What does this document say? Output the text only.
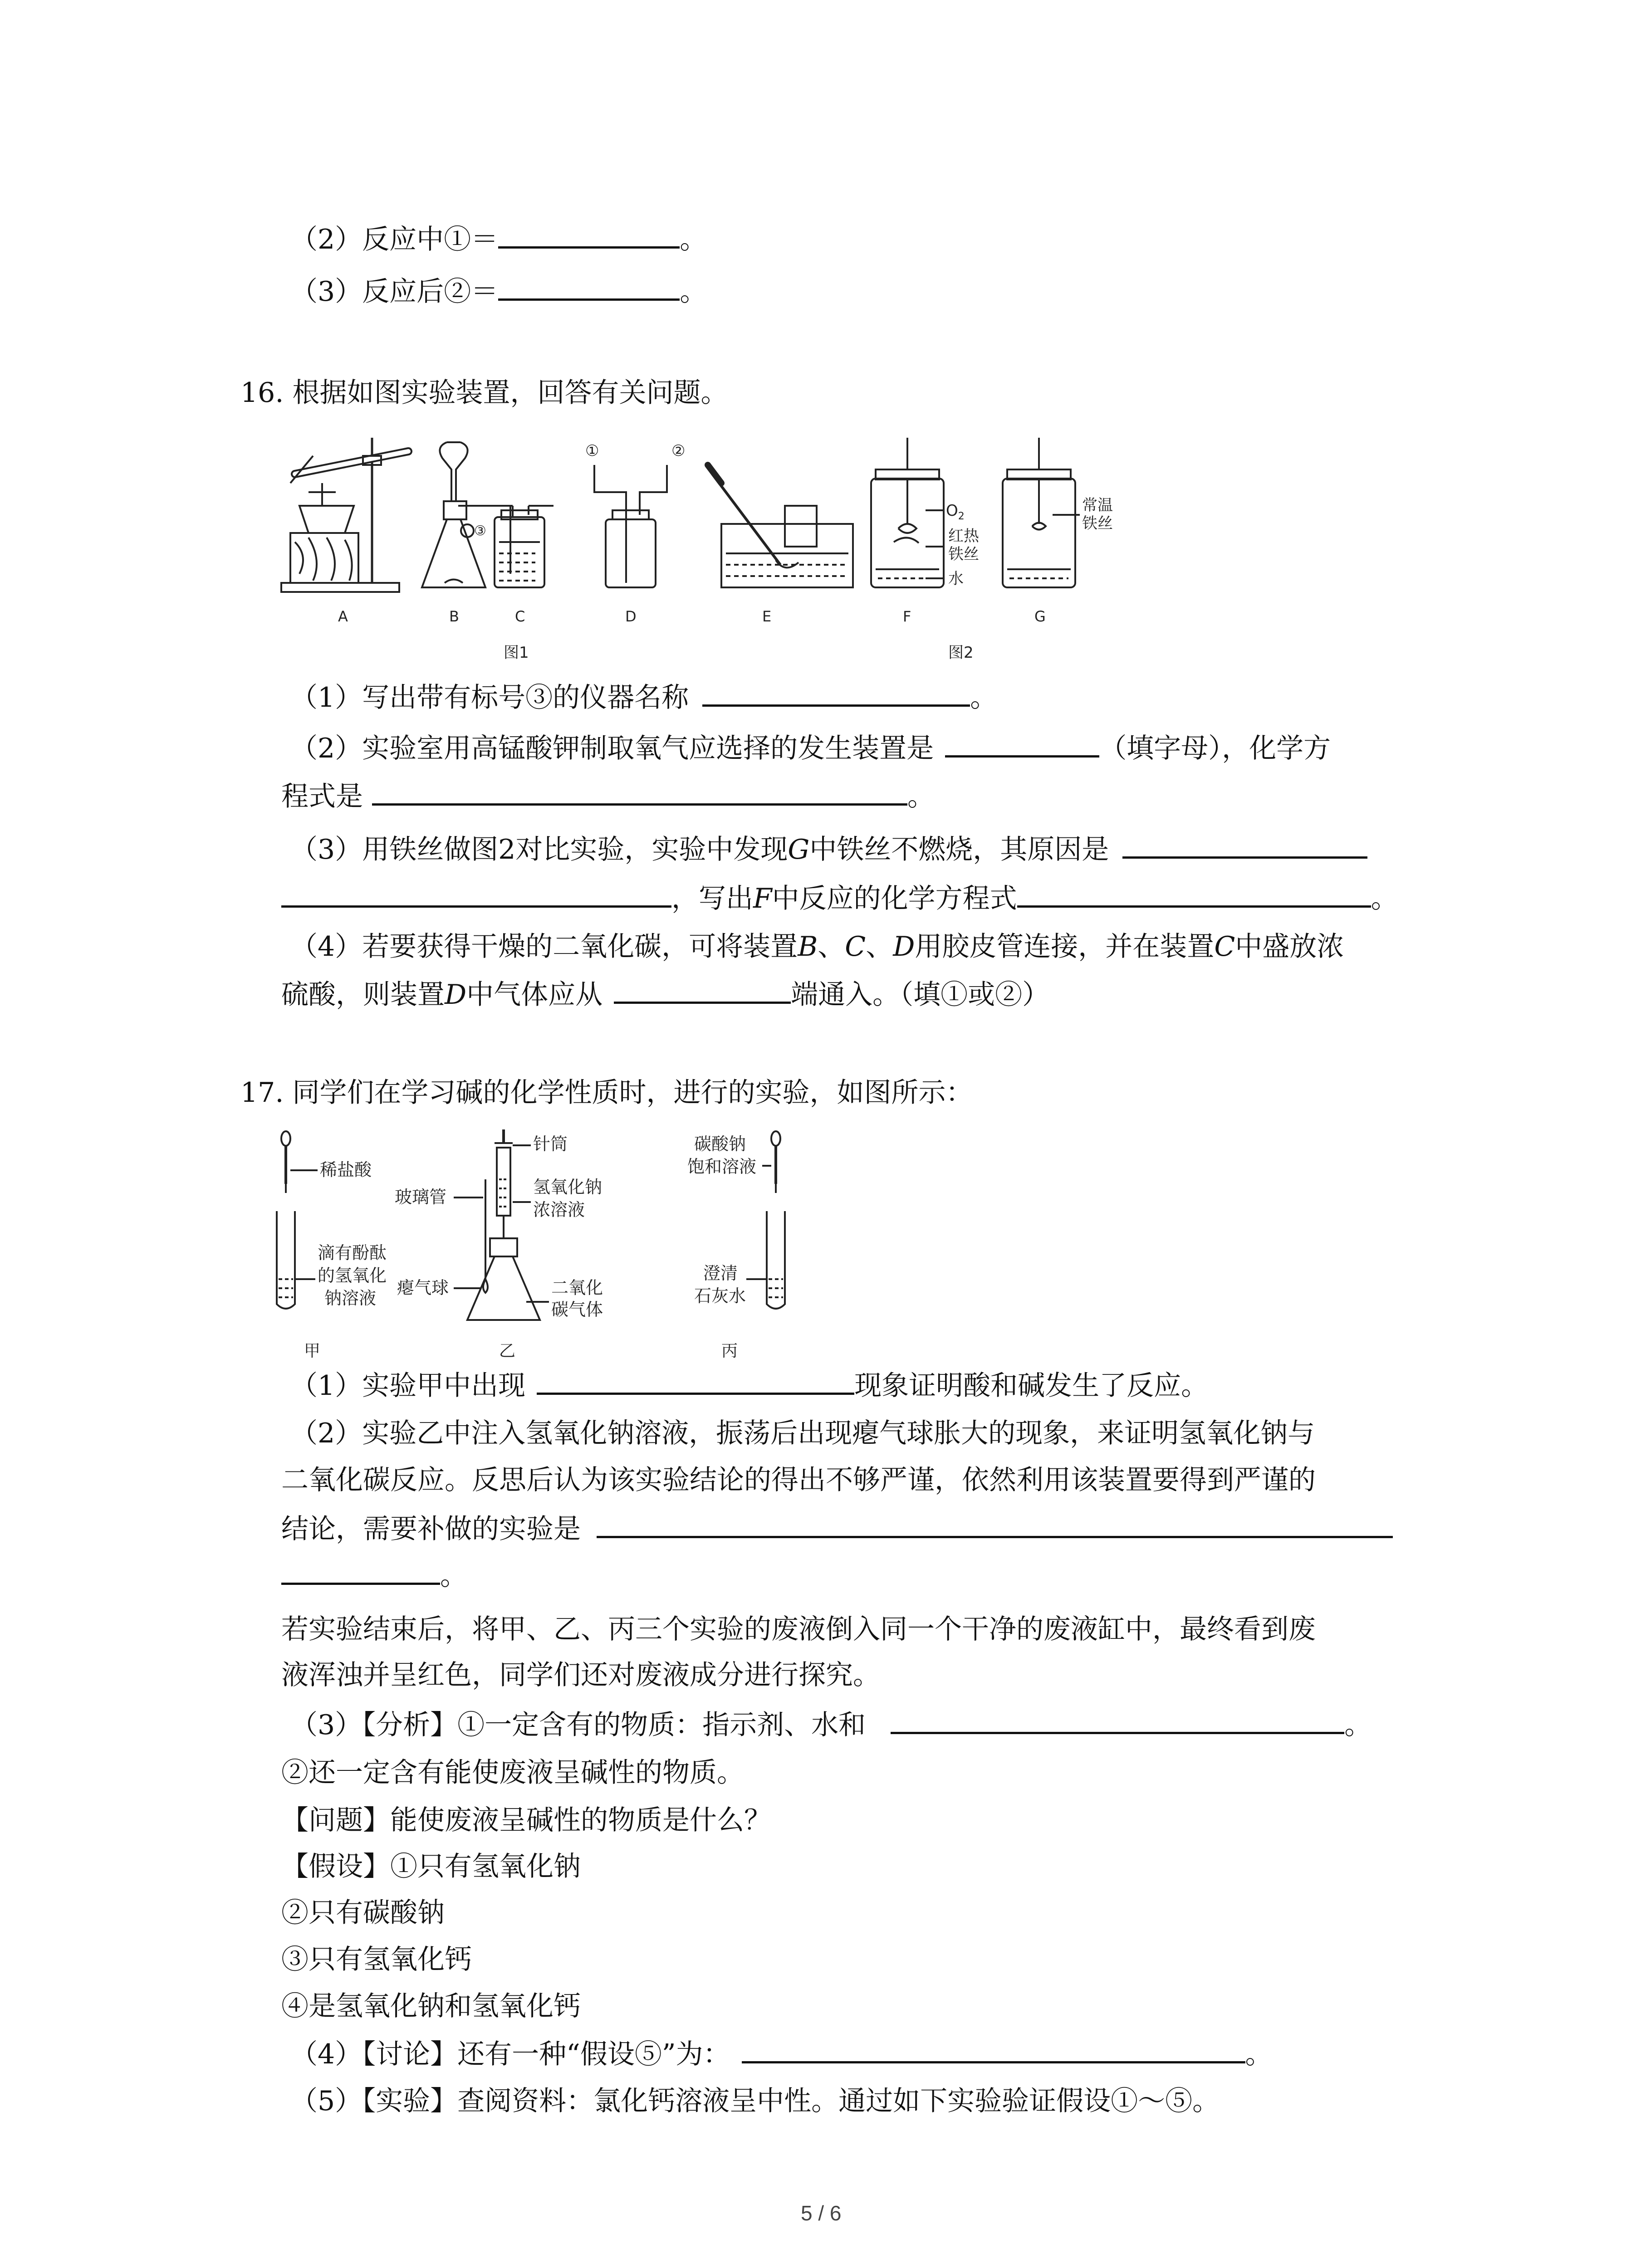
（2）反应中①＝	。
（3）反应后②＝	。
16. 根据如图实验装置，回答有关问题。
③
①	②
$O_2$
红热
铁丝
水
常温
铁丝
A	B	C	D	E	F	G
图1	图2
（1）写出带有标号③的仪器名称	。
（2）实验室用高锰酸钾制取氧气应选择的发生装置是	（填字母），化学方
程式是	。
（3）用铁丝做图2对比实验，实验中发现G中铁丝不燃烧，其原因是
，写出F中反应的化学方程式	。
（4）若要获得干燥的二氧化碳，可将装置B、C、D用胶皮管连接，并在装置C中盛放浓
硫酸，则装置D中气体应从	端通入。（填①或②）
17. 同学们在学习碱的化学性质时，进行的实验，如图所示：
稀盐酸
滴有酚酞
的氢氧化
钠溶液
甲
针筒
氢氧化钠
浓溶液
玻璃管
瘪气球	二氧化
碳气体
乙
碳酸钠
饱和溶液
澄清
石灰水
丙
（1）实验甲中出现	现象证明酸和碱发生了反应。
（2）实验乙中注入氢氧化钠溶液，振荡后出现瘪气球胀大的现象，来证明氢氧化钠与
二氧化碳反应。反思后认为该实验结论的得出不够严谨，依然利用该装置要得到严谨的
结论，需要补做的实验是
。
若实验结束后，将甲、乙、丙三个实验的废液倒入同一个干净的废液缸中，最终看到废
液浑浊并呈红色，同学们还对废液成分进行探究。
（3）【分析】①一定含有的物质：指示剂、水和	。
②还一定含有能使废液呈碱性的物质。
【问题】能使废液呈碱性的物质是什么？
【假设】①只有氢氧化钠
②只有碳酸钠
③只有氢氧化钙
④是氢氧化钠和氢氧化钙
（4）【讨论】还有一种“假设⑤”为：	。
（5）【实验】查阅资料：氯化钙溶液呈中性。通过如下实验验证假设①～⑤。
5 / 6
